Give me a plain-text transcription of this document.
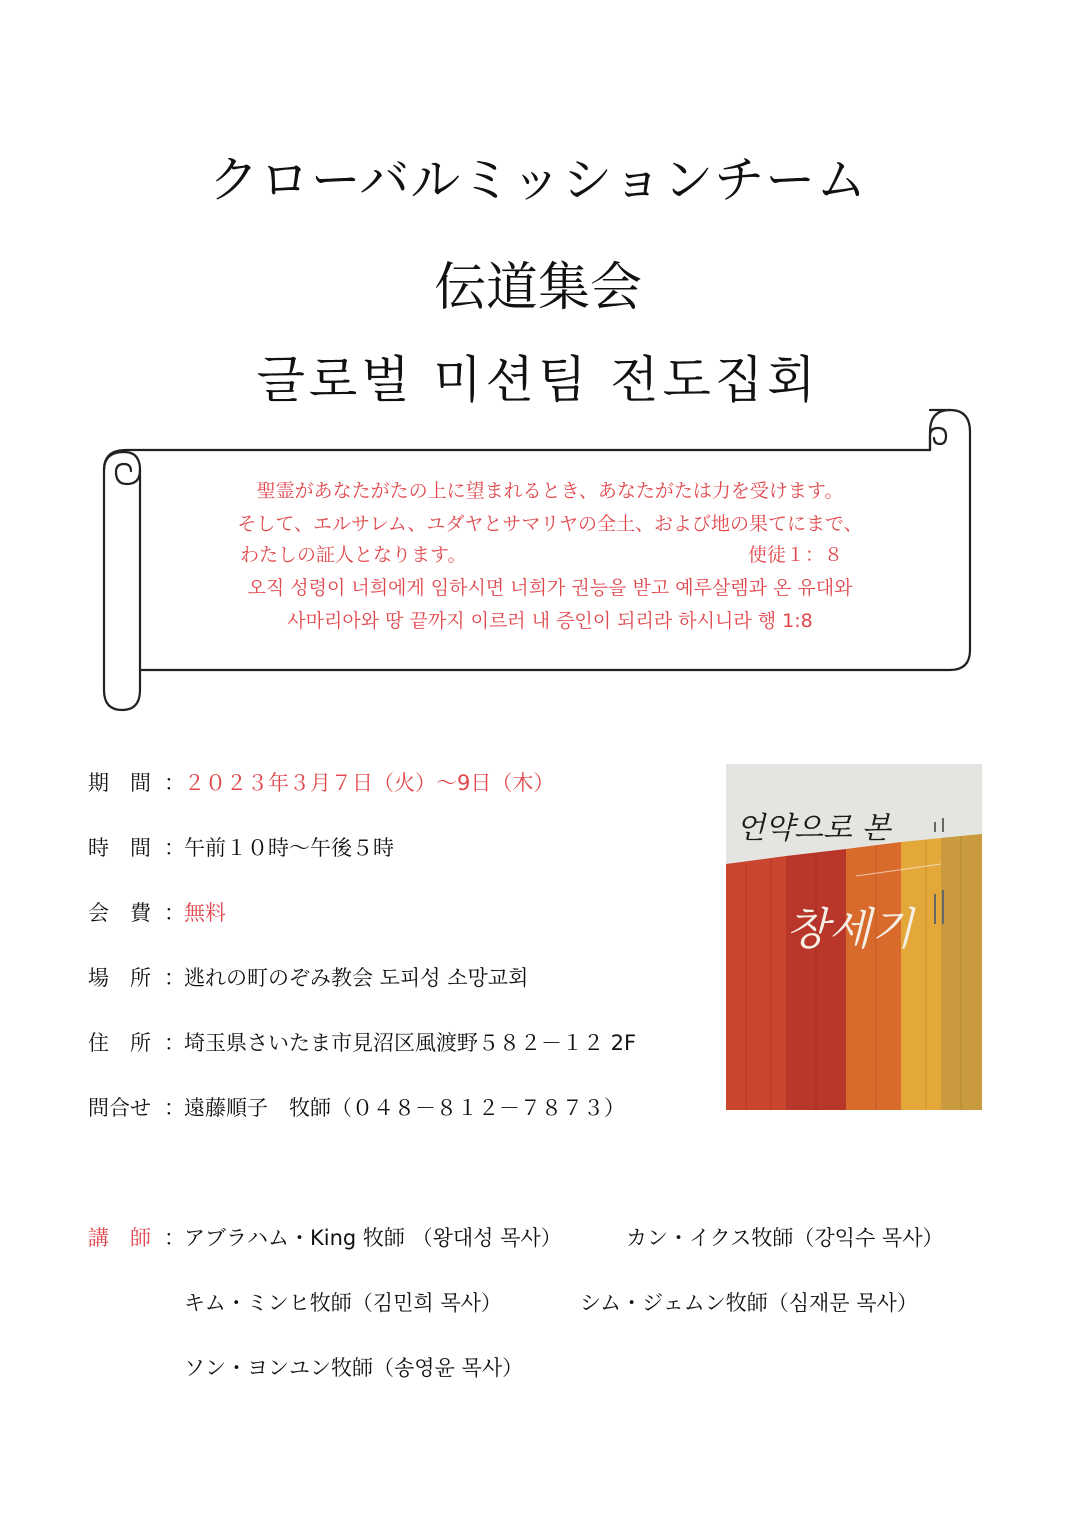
クローバルミッションチーム
伝道集会
글로벌 미션팀 전도집회
聖霊があなたがたの上に望まれるとき、あなたがたは力を受けます。
そして、エルサレム、ユダヤとサマリヤの全土、および地の果てにまで、
わたしの証人となります。	使徒１：８
오직 성령이 너희에게 임하시면 너희가 권능을 받고 예루살렘과 온 유대와
사마리아와 땅 끝까지 이르러 내 증인이 되리라 하시니라 행 1:8
期　間 ： ２０２３年３月７日（火）～9日（木）
時　間 ： 午前１０時～午後５時
会　費 ： 無料
場　所 ： 逃れの町のぞみ教会 도피성 소망교회
住　所 ： 埼玉県さいたま市見沼区風渡野５８２－１２ 2F
問合せ ： 遠藤順子　牧師（０４８－８１２－７８７３）
講　師 ： アブラハム・King 牧師 （왕대성 목사）	カン・イクス牧師（강익수 목사）
キム・ミンヒ牧師（김민희 목사）	シム・ジェムン牧師（심재문 목사）
ソン・ヨンユン牧師（송영윤 목사）
언약으로 본
창세기
